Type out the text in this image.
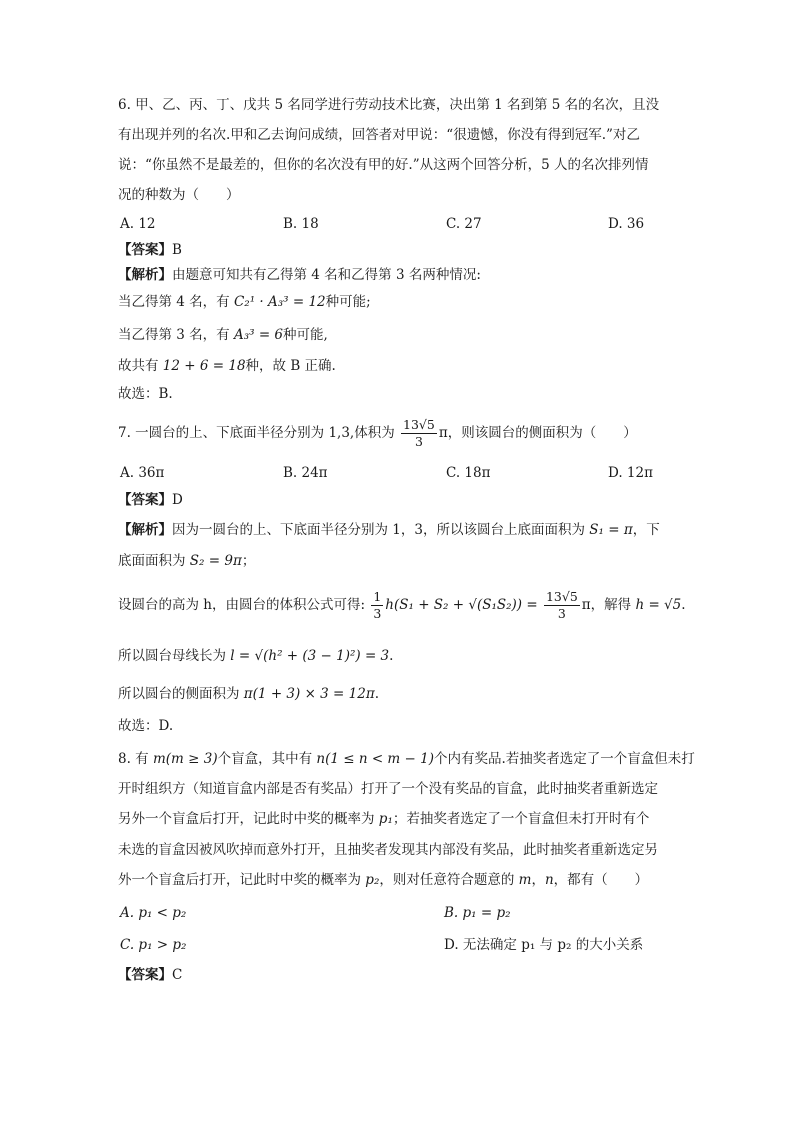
6. 甲、乙、丙、丁、戊共 5 名同学进行劳动技术比赛，决出第 1 名到第 5 名的名次，且没
有出现并列的名次.甲和乙去询问成绩，回答者对甲说：“很遗憾，你没有得到冠军.”对乙
说：“你虽然不是最差的，但你的名次没有甲的好.”从这两个回答分析，5 人的名次排列情
况的种数为（　　）
A. 12	B. 18	C. 27	D. 36
【答案】B
【解析】由题意可知共有乙得第 4 名和乙得第 3 名两种情况:
当乙得第 4 名，有 C₂¹ · A₃³ = 12种可能;
当乙得第 3 名，有 A₃³ = 6种可能,
故共有 12 + 6 = 18种，故 B 正确.
故选：B.
7. 一圆台的上、下底面半径分别为 1,3,体积为 $\frac{13√5}{3}$ π，则该圆台的侧面积为（　　）
A. 36π	B. 24π	C. 18π	D. 12π
【答案】D
【解析】因为一圆台的上、下底面半径分别为 1，3，所以该圆台上底面面积为 S₁ = π，下
底面面积为 S₂ = 9π；
设圆台的高为 h，由圆台的体积公式可得: $\frac{1}{3} h(S_1 + S_2 + √(S_1S_2)) = \frac{13√5}{3}$ π，解得 h = √5.
所以圆台母线长为 l = √(h² + (3 − 1)²) = 3.
所以圆台的侧面积为 π(1 + 3) × 3 = 12π.
故选：D.
8. 有 m(m ≥ 3)个盲盒，其中有 n(1 ≤ n < m − 1)个内有奖品.若抽奖者选定了一个盲盒但未打
开时组织方（知道盲盒内部是否有奖品）打开了一个没有奖品的盲盒，此时抽奖者重新选定
另外一个盲盒后打开，记此时中奖的概率为 p₁；若抽奖者选定了一个盲盒但未打开时有个
未选的盲盒因被风吹掉而意外打开，且抽奖者发现其内部没有奖品，此时抽奖者重新选定另
外一个盲盒后打开，记此时中奖的概率为 p₂，则对任意符合题意的 m，n，都有（　　）
A. p₁ < p₂	B. p₁ = p₂
C. p₁ > p₂	D. 无法确定 p₁ 与 p₂ 的大小关系
【答案】C
